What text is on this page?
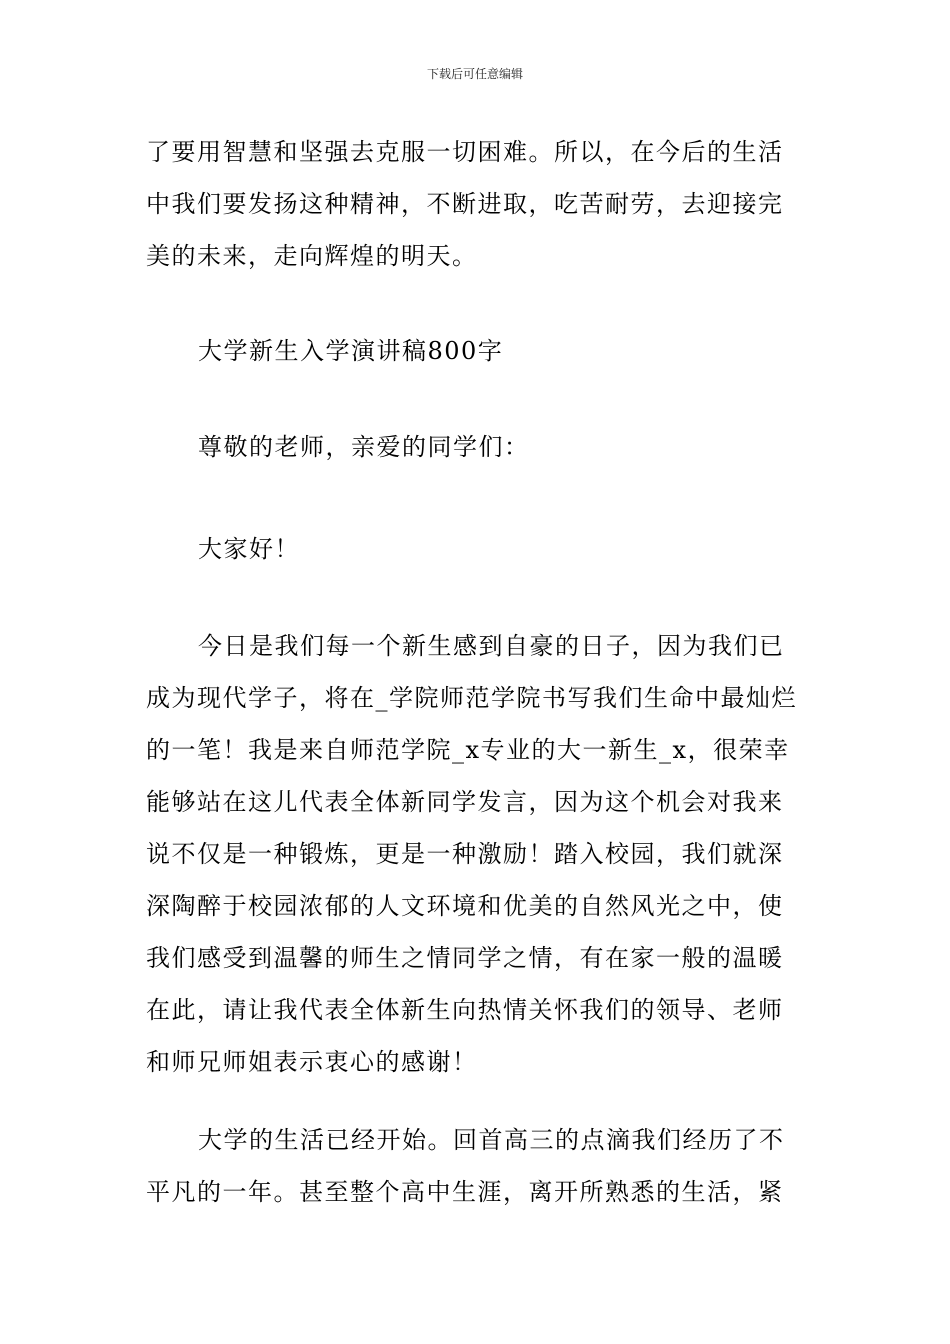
下载后可任意编辑

了要用智慧和坚强去克服一切困难。所以，在今后的生活中我们要发扬这种精神，不断进取，吃苦耐劳，去迎接完美的未来，走向辉煌的明天。

大学新生入学演讲稿800字

尊敬的老师，亲爱的同学们：

大家好！

今日是我们每一个新生感到自豪的日子，因为我们已成为现代学子，将在_学院师范学院书写我们生命中最灿烂的一笔！我是来自师范学院_x专业的大一新生_x，很荣幸能够站在这儿代表全体新同学发言，因为这个机会对我来说不仅是一种锻炼，更是一种激励！踏入校园，我们就深深陶醉于校园浓郁的人文环境和优美的自然风光之中，使我们感受到温馨的师生之情同学之情，有在家一般的温暖在此，请让我代表全体新生向热情关怀我们的领导、老师和师兄师姐表示衷心的感谢！

大学的生活已经开始。回首高三的点滴我们经历了不平凡的一年。甚至整个高中生涯，离开所熟悉的生活，紧
